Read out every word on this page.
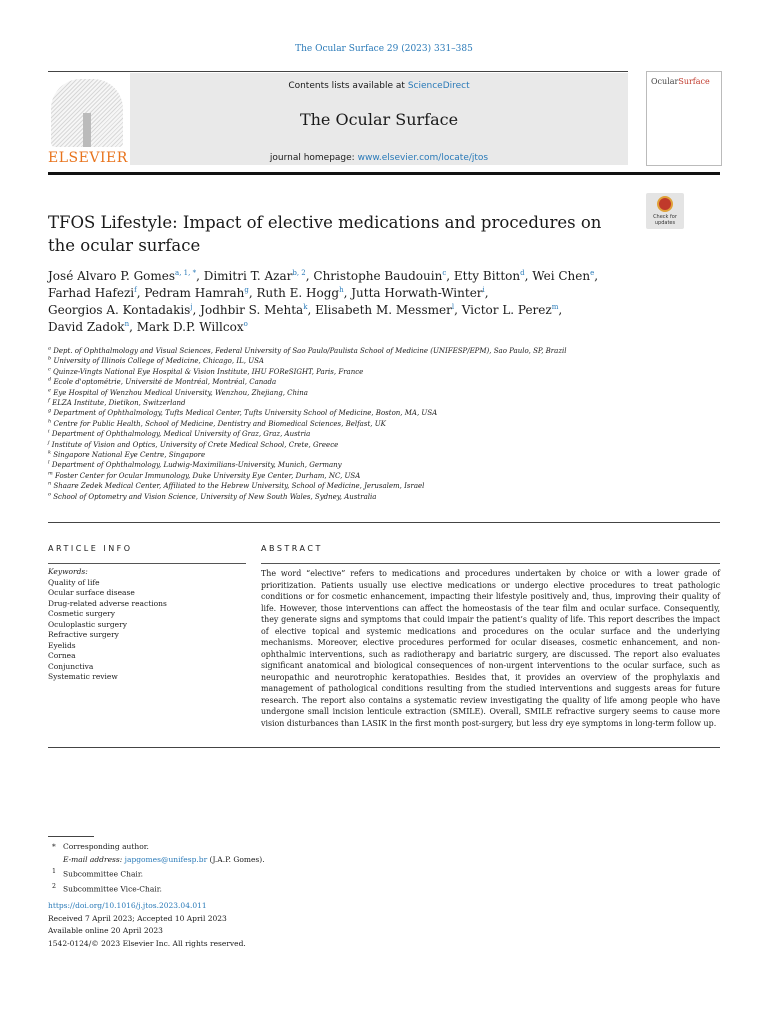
The Ocular Surface 29 (2023) 331–385
ELSEVIER
Contents lists available at ScienceDirect
The Ocular Surface
journal homepage: www.elsevier.com/locate/jtos
OcularSurface
Check for
updates
TFOS Lifestyle: Impact of elective medications and procedures on the ocular surface
José Alvaro P. Gomes$^{a, 1, *}$, Dimitri T. Azar$^{b, 2}$, Christophe Baudouin$^c$, Etty Bitton$^d$, Wei Chen$^e$,
Farhad Hafezi$^f$, Pedram Hamrah$^g$, Ruth E. Hogg$^h$, Jutta Horwath-Winter$^i$,
Georgios A. Kontadakis$^j$, Jodhbir S. Mehta$^k$, Elisabeth M. Messmer$^l$, Victor L. Perez$^m$,
David Zadok$^n$, Mark D.P. Willcox$^o$
$^a$ Dept. of Ophthalmology and Visual Sciences, Federal University of Sao Paulo/Paulista School of Medicine (UNIFESP/EPM), Sao Paulo, SP, Brazil
$^b$ University of Illinois College of Medicine, Chicago, IL, USA
$^c$ Quinze-Vingts National Eye Hospital & Vision Institute, IHU FOReSIGHT, Paris, France
$^d$ Ecole d'optométrie, Université de Montréal, Montréal, Canada
$^e$ Eye Hospital of Wenzhou Medical University, Wenzhou, Zhejiang, China
$^f$ ELZA Institute, Dietikon, Switzerland
$^g$ Department of Ophthalmology, Tufts Medical Center, Tufts University School of Medicine, Boston, MA, USA
$^h$ Centre for Public Health, School of Medicine, Dentistry and Biomedical Sciences, Belfast, UK
$^i$ Department of Ophthalmology, Medical University of Graz, Graz, Austria
$^j$ Institute of Vision and Optics, University of Crete Medical School, Crete, Greece
$^k$ Singapore National Eye Centre, Singapore
$^l$ Department of Ophthalmology, Ludwig-Maximilians-University, Munich, Germany
$^m$ Foster Center for Ocular Immunology, Duke University Eye Center, Durham, NC, USA
$^n$ Shaare Zedek Medical Center, Affiliated to the Hebrew University, School of Medicine, Jerusalem, Israel
$^o$ School of Optometry and Vision Science, University of New South Wales, Sydney, Australia
ARTICLE INFO	ABSTRACT
Keywords:
Quality of life
Ocular surface disease
Drug-related adverse reactions
Cosmetic surgery
Oculoplastic surgery
Refractive surgery
Eyelids
Cornea
Conjunctiva
Systematic review
The word “elective” refers to medications and procedures undertaken by choice or with a lower grade of prioritization. Patients usually use elective medications or undergo elective procedures to treat pathologic conditions or for cosmetic enhancement, impacting their lifestyle positively and, thus, improving their quality of life. However, those interventions can affect the homeostasis of the tear film and ocular surface. Consequently, they generate signs and symptoms that could impair the patient’s quality of life. This report describes the impact of elective topical and systemic medications and procedures on the ocular surface and the underlying mechanisms. Moreover, elective procedures performed for ocular diseases, cosmetic enhancement, and non-ophthalmic interventions, such as radiotherapy and bariatric surgery, are discussed. The report also evaluates significant anatomical and biological consequences of non-urgent interventions to the ocular surface, such as neuropathic and neurotrophic keratopathies. Besides that, it provides an overview of the prophylaxis and management of pathological conditions resulting from the studied interventions and suggests areas for future research. The report also contains a systematic review investigating the quality of life among people who have undergone small incision lenticule extraction (SMILE). Overall, SMILE refractive surgery seems to cause more vision disturbances than LASIK in the first month post-surgery, but less dry eye symptoms in long-term follow up.
* Corresponding author.
E-mail address: japgomes@unifesp.br (J.A.P. Gomes).
$^1$ Subcommittee Chair.
$^2$ Subcommittee Vice-Chair.
https://doi.org/10.1016/j.jtos.2023.04.011
Received 7 April 2023; Accepted 10 April 2023
Available online 20 April 2023
1542-0124/© 2023 Elsevier Inc. All rights reserved.
